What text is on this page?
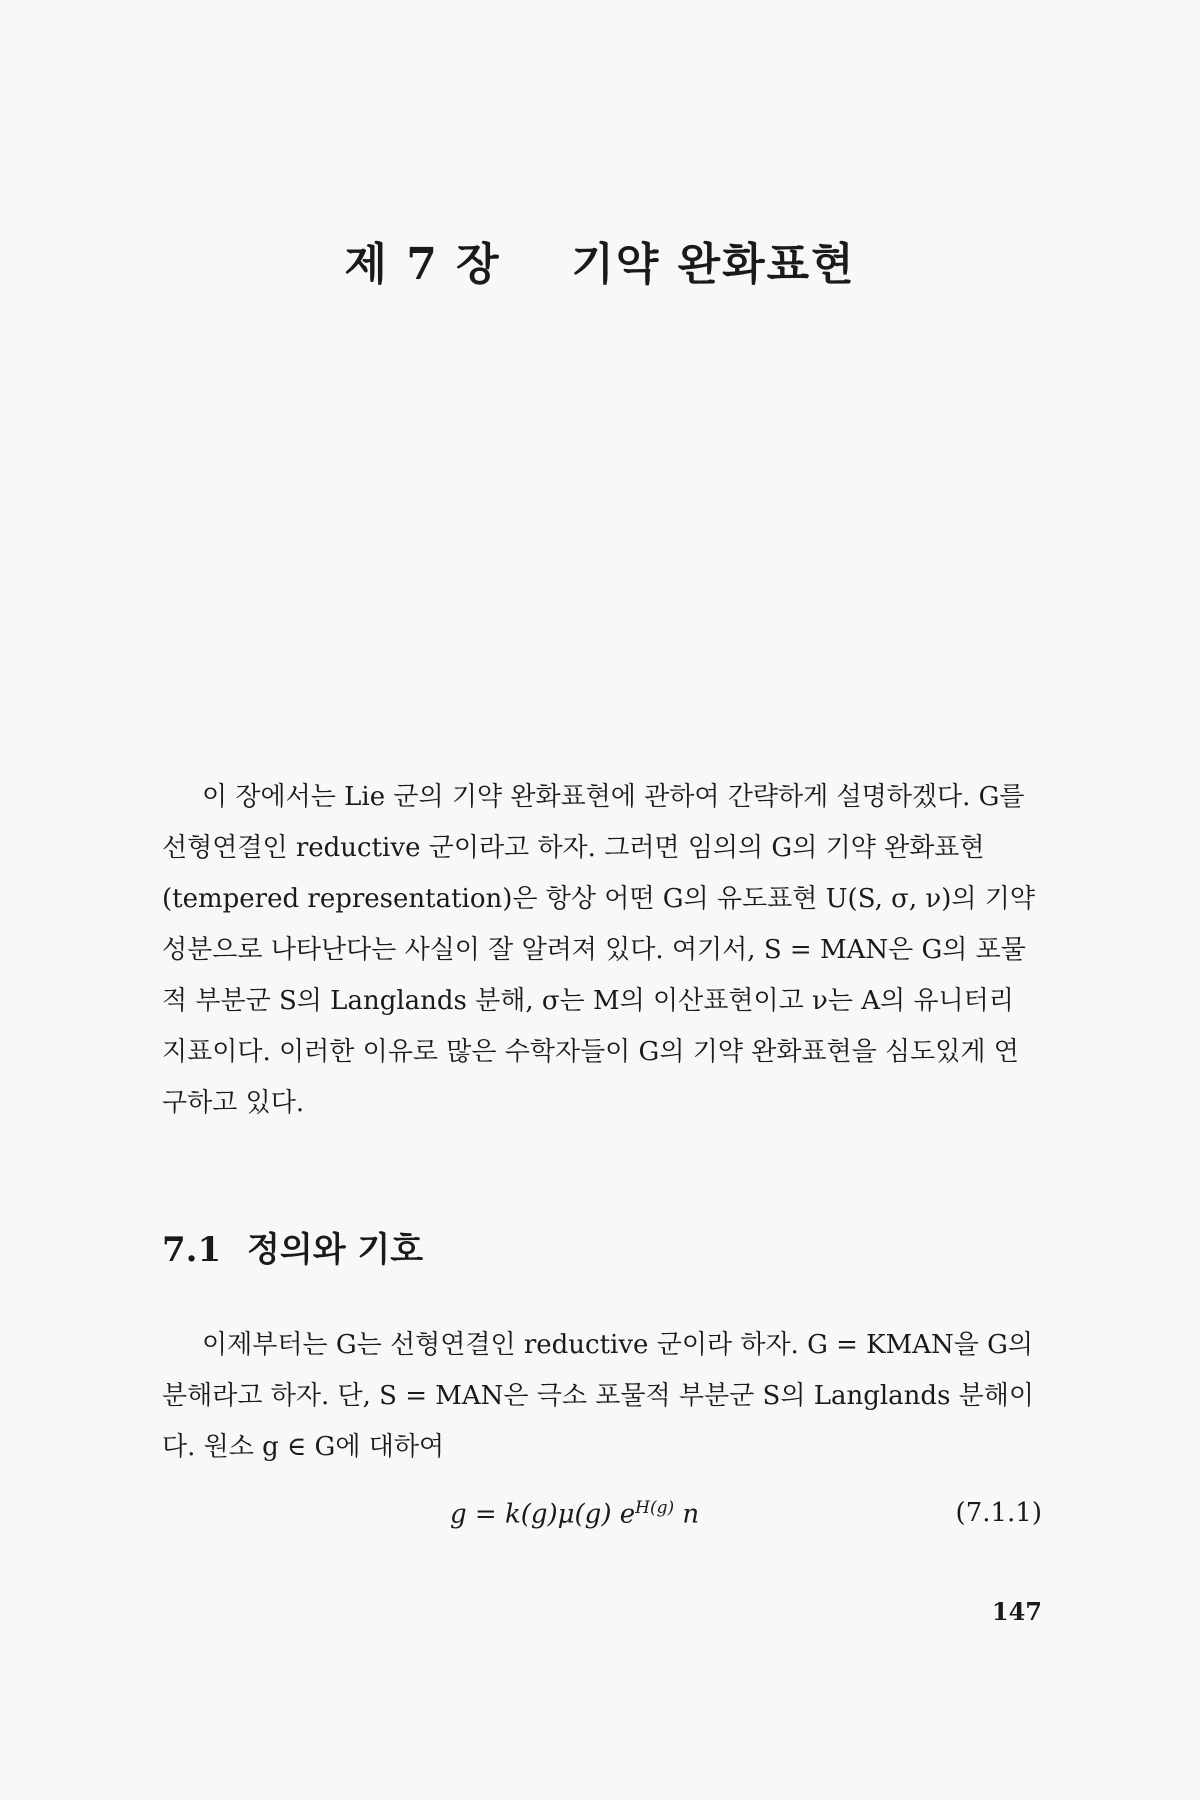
제 7 장 기약 완화표현

이 장에서는 Lie 군의 기약 완화표현에 관하여 간략하게 설명하겠다. G를 선형연결인 reductive 군이라고 하자. 그러면 임의의 G의 기약 완화표현(tempered representation)은 항상 어떤 G의 유도표현 U(S, σ, ν)의 기약성분으로 나타난다는 사실이 잘 알려져 있다. 여기서, S = MAN은 G의 포물적 부분군 S의 Langlands 분해, σ는 M의 이산표현이고 ν는 A의 유니터리 지표이다. 이러한 이유로 많은 수학자들이 G의 기약 완화표현을 심도있게 연구하고 있다.

7.1 정의와 기호

이제부터는 G는 선형연결인 reductive 군이라 하자. G = KMAN을 G의 분해라고 하자. 단, S = MAN은 극소 포물적 부분군 S의 Langlands 분해이다. 원소 g ∈ G에 대하여

g = k(g)μ(g) $e^{H(g)}$ n	(7.1.1)
147
